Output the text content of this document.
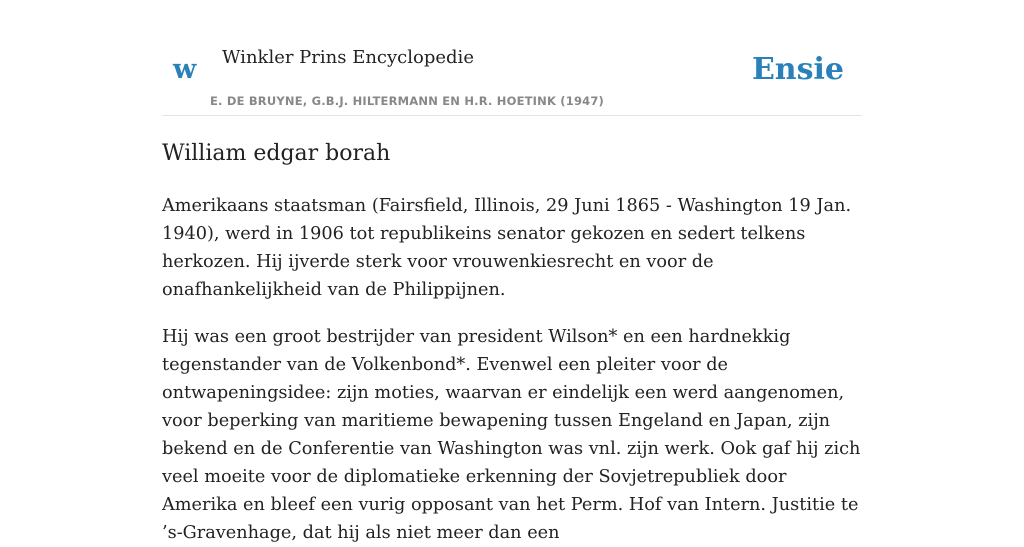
w Winkler Prins Encyclopedie
E. DE BRUYNE, G.B.J. HILTERMANN EN H.R. HOETINK (1947)
Ensie
William edgar borah

Amerikaans staatsman (Fairsfield, Illinois, 29 Juni 1865 - Washington 19 Jan. 1940), werd in 1906 tot republikeins senator gekozen en sedert telkens herkozen. Hij ijverde sterk voor vrouwenkiesrecht en voor de onafhankelijkheid van de Philippijnen.

Hij was een groot bestrijder van president Wilson* en een hardnekkig tegenstander van de Volkenbond*. Evenwel een pleiter voor de ontwapeningsidee: zijn moties, waarvan er eindelijk een werd aangenomen, voor beperking van maritieme bewapening tussen Engeland en Japan, zijn bekend en de Conferentie van Washington was vnl. zijn werk. Ook gaf hij zich veel moeite voor de diplomatieke erkenning der Sovjetrepubliek door Amerika en bleef een vurig opposant van het Perm. Hof van Intern. Justitie te ’s-Gravenhage, dat hij als niet meer dan een
